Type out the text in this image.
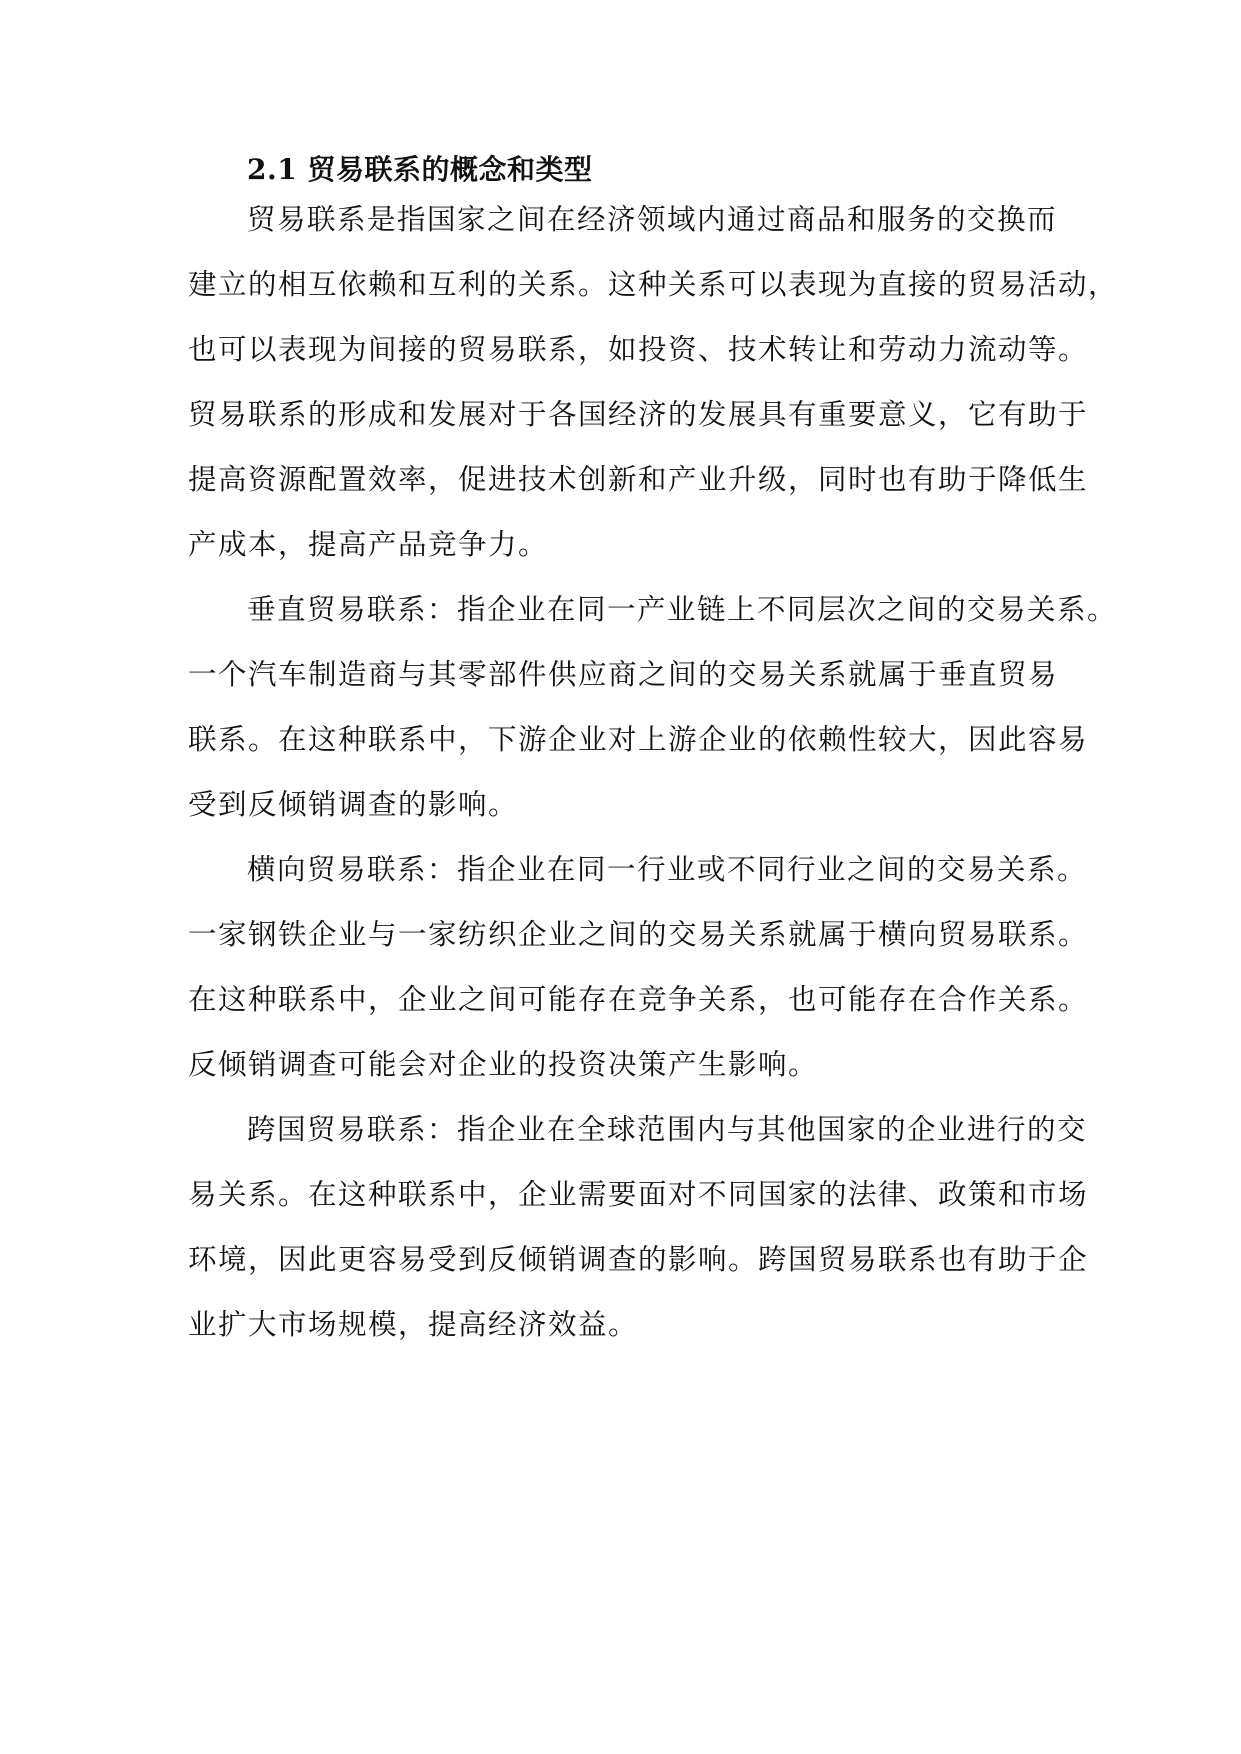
2.1 贸易联系的概念和类型
贸易联系是指国家之间在经济领域内通过商品和服务的交换而
建立的相互依赖和互利的关系。这种关系可以表现为直接的贸易活动，
也可以表现为间接的贸易联系，如投资、技术转让和劳动力流动等。
贸易联系的形成和发展对于各国经济的发展具有重要意义，它有助于
提高资源配置效率，促进技术创新和产业升级，同时也有助于降低生
产成本，提高产品竞争力。
垂直贸易联系：指企业在同一产业链上不同层次之间的交易关系。
一个汽车制造商与其零部件供应商之间的交易关系就属于垂直贸易
联系。在这种联系中，下游企业对上游企业的依赖性较大，因此容易
受到反倾销调查的影响。
横向贸易联系：指企业在同一行业或不同行业之间的交易关系。
一家钢铁企业与一家纺织企业之间的交易关系就属于横向贸易联系。
在这种联系中，企业之间可能存在竞争关系，也可能存在合作关系。
反倾销调查可能会对企业的投资决策产生影响。
跨国贸易联系：指企业在全球范围内与其他国家的企业进行的交
易关系。在这种联系中，企业需要面对不同国家的法律、政策和市场
环境，因此更容易受到反倾销调查的影响。跨国贸易联系也有助于企
业扩大市场规模，提高经济效益。
